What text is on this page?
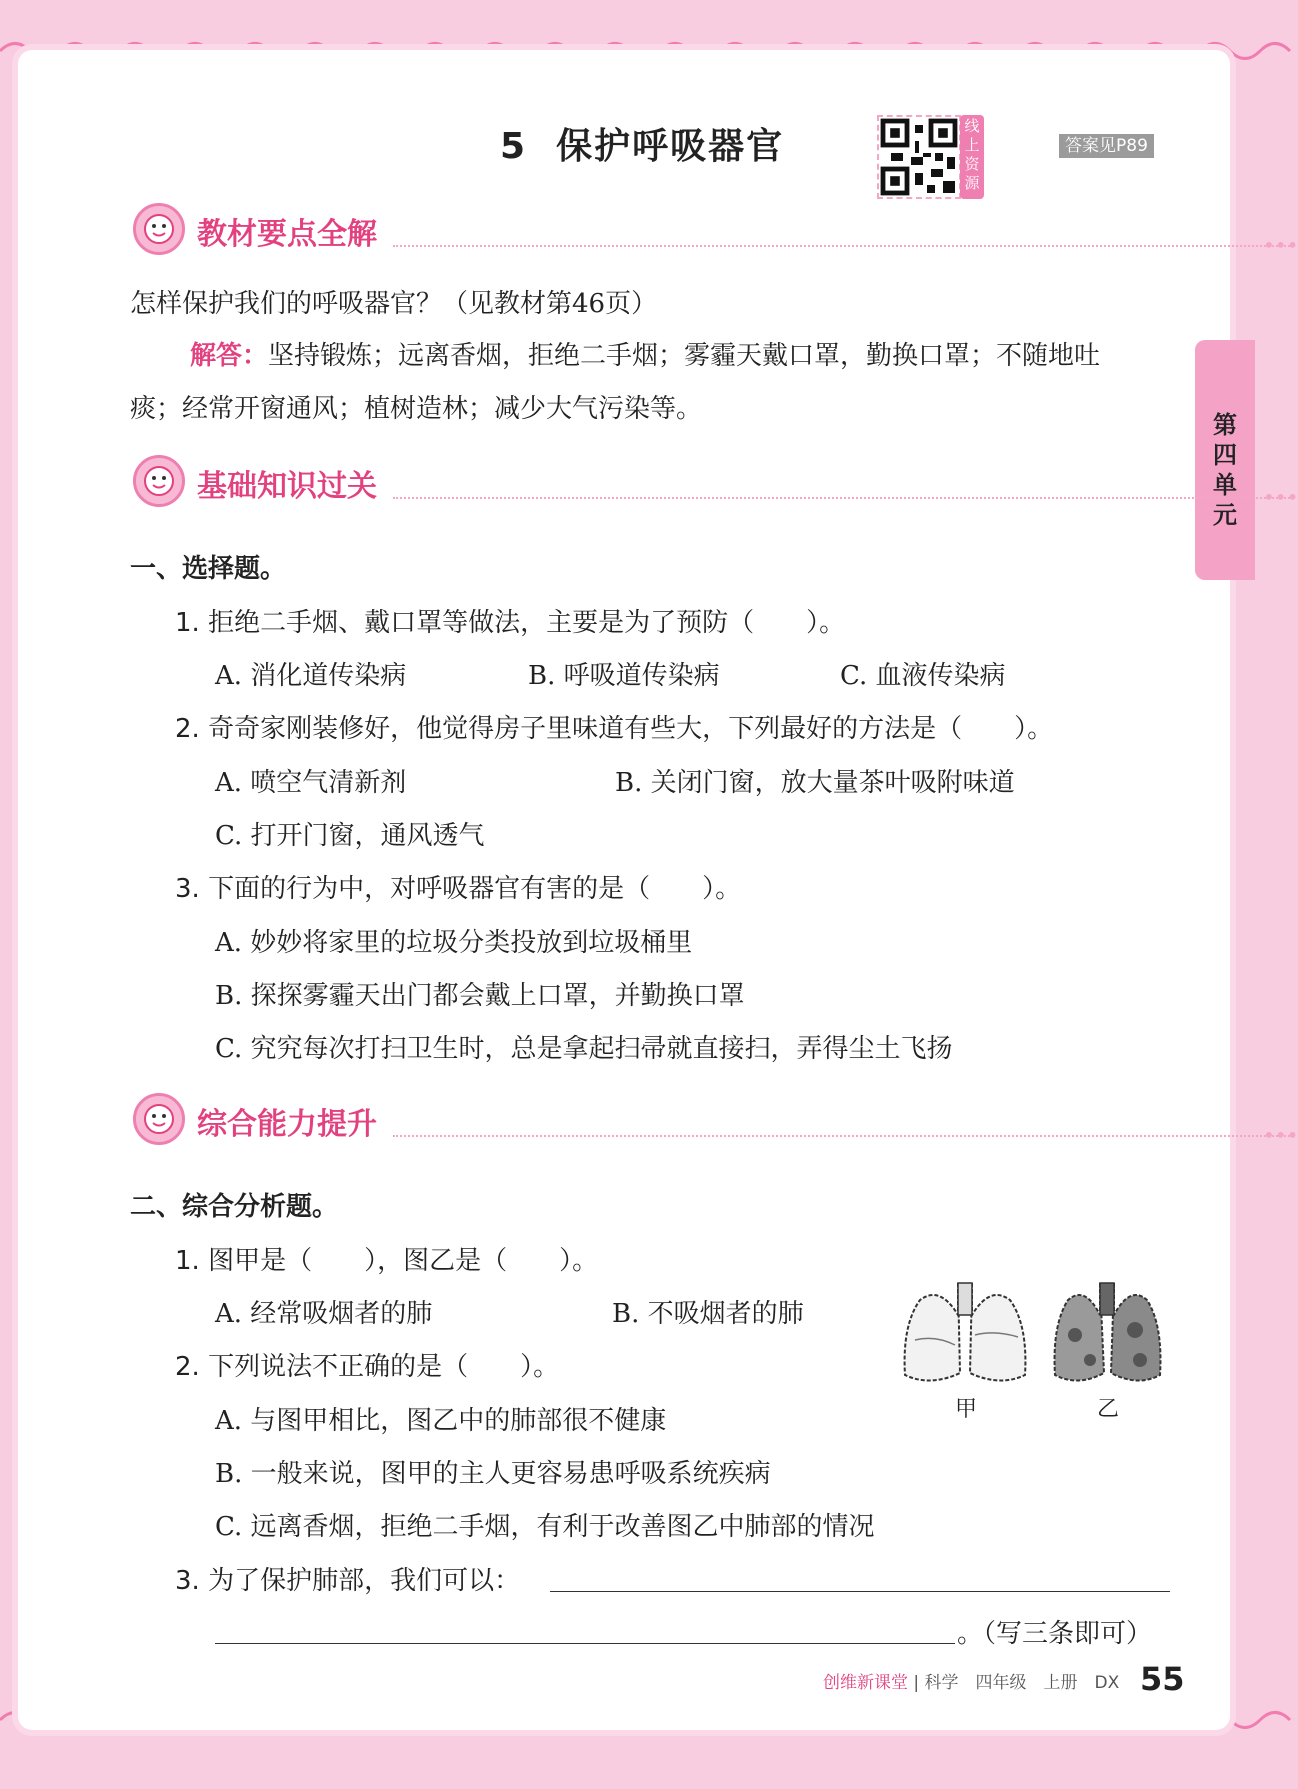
5 保护呼吸器官	线上资源
答案见P89
第四单元
教材要点全解	•••
怎样保护我们的呼吸器官？（见教材第46页）
解答：坚持锻炼；远离香烟，拒绝二手烟；雾霾天戴口罩，勤换口罩；不随地吐
痰；经常开窗通风；植树造林；减少大气污染等。
基础知识过关	•••
一、选择题。
1. 拒绝二手烟、戴口罩等做法，主要是为了预防（　　）。
A. 消化道传染病	B. 呼吸道传染病	C. 血液传染病
2. 奇奇家刚装修好，他觉得房子里味道有些大，下列最好的方法是（　　）。
A. 喷空气清新剂	B. 关闭门窗，放大量茶叶吸附味道
C. 打开门窗，通风透气
3. 下面的行为中，对呼吸器官有害的是（　　）。
A. 妙妙将家里的垃圾分类投放到垃圾桶里
B. 探探雾霾天出门都会戴上口罩，并勤换口罩
C. 究究每次打扫卫生时，总是拿起扫帚就直接扫，弄得尘土飞扬
综合能力提升	•••
二、综合分析题。
1. 图甲是（　　），图乙是（　　）。
A. 经常吸烟者的肺	B. 不吸烟者的肺
2. 下列说法不正确的是（　　）。
A. 与图甲相比，图乙中的肺部很不健康
B. 一般来说，图甲的主人更容易患呼吸系统疾病
C. 远离香烟，拒绝二手烟，有利于改善图乙中肺部的情况
甲	乙
3. 为了保护肺部，我们可以：
。（写三条即可）
创维新课堂 | 科学　四年级　上册　DX 55
